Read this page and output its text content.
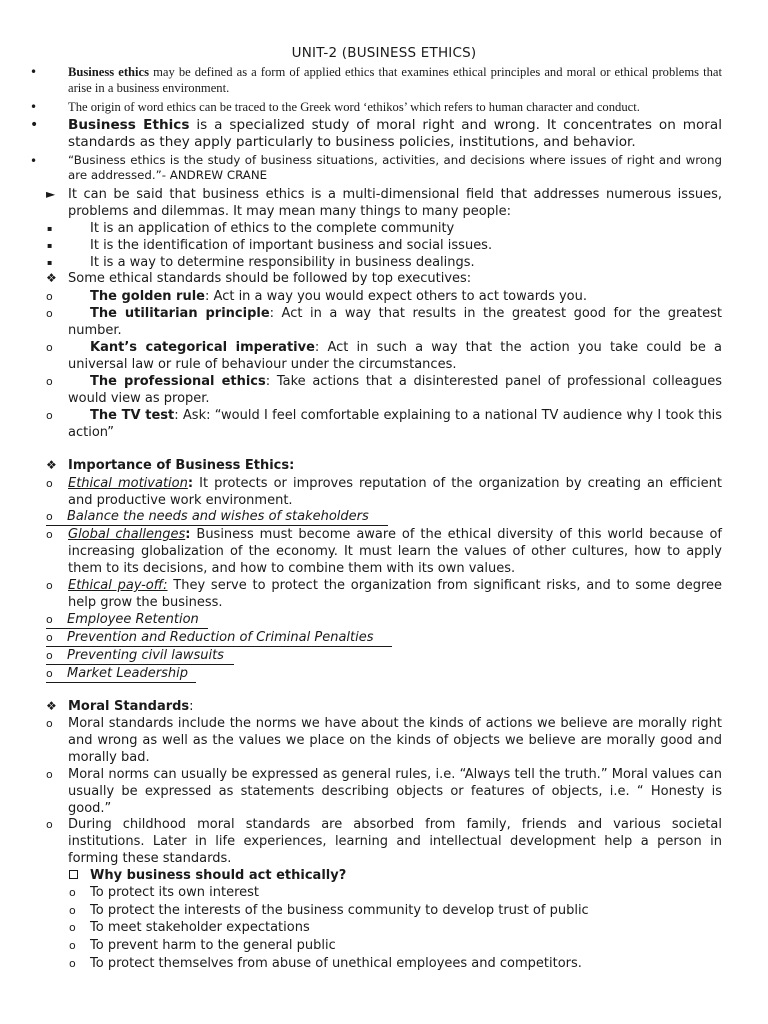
UNIT-2 (BUSINESS ETHICS)
• Business ethics may be defined as a form of applied ethics that examines ethical principles and moral or ethical problems that arise in a business environment.
• The origin of word ethics can be traced to the Greek word ‘ethikos’ which refers to human character and conduct.
• Business Ethics is a specialized study of moral right and wrong. It concentrates on moral standards as they apply particularly to business policies, institutions, and behavior.
•	“Business ethics is the study of business situations, activities, and decisions where issues of right and wrong are addressed.”- ANDREW CRANE
► It can be said that business ethics is a multi-dimensional field that addresses numerous issues, problems and dilemmas. It may mean many things to many people:
▪	It is an application of ethics to the complete community
▪	It is the identification of important business and social issues.
▪	It is a way to determine responsibility in business dealings.
❖ Some ethical standards should be followed by top executives:
o	The golden rule: Act in a way you would expect others to act towards you.
o	The utilitarian principle: Act in a way that results in the greatest good for the greatest number.
o	Kant’s categorical imperative: Act in such a way that the action you take could be a universal law or rule of behaviour under the circumstances.
o	The professional ethics: Take actions that a disinterested panel of professional colleagues would view as proper.
o	The TV test: Ask: “would I feel comfortable explaining to a national TV audience why I took this action”
❖ Importance of Business Ethics:
o Ethical motivation: It protects or improves reputation of the organization by creating an efficient and productive work environment.
o Balance the needs and wishes of stakeholders
o Global challenges: Business must become aware of the ethical diversity of this world because of increasing globalization of the economy. It must learn the values of other cultures, how to apply them to its decisions, and how to combine them with its own values.
o Ethical pay-off: They serve to protect the organization from significant risks, and to some degree help grow the business.
o Employee Retention
o Prevention and Reduction of Criminal Penalties
o Preventing civil lawsuits
o Market Leadership
❖ Moral Standards:
o Moral standards include the norms we have about the kinds of actions we believe are morally right and wrong as well as the values we place on the kinds of objects we believe are morally good and morally bad.
o Moral norms can usually be expressed as general rules, i.e. “Always tell the truth.” Moral values can usually be expressed as statements describing objects or features of objects, i.e. “ Honesty is good.”
o During childhood moral standards are absorbed from family, friends and various societal institutions. Later in life experiences, learning and intellectual development help a person in forming these standards.
Why business should act ethically?
o To protect its own interest
o To protect the interests of the business community to develop trust of public
o To meet stakeholder expectations
o To prevent harm to the general public
o To protect themselves from abuse of unethical employees and competitors.
